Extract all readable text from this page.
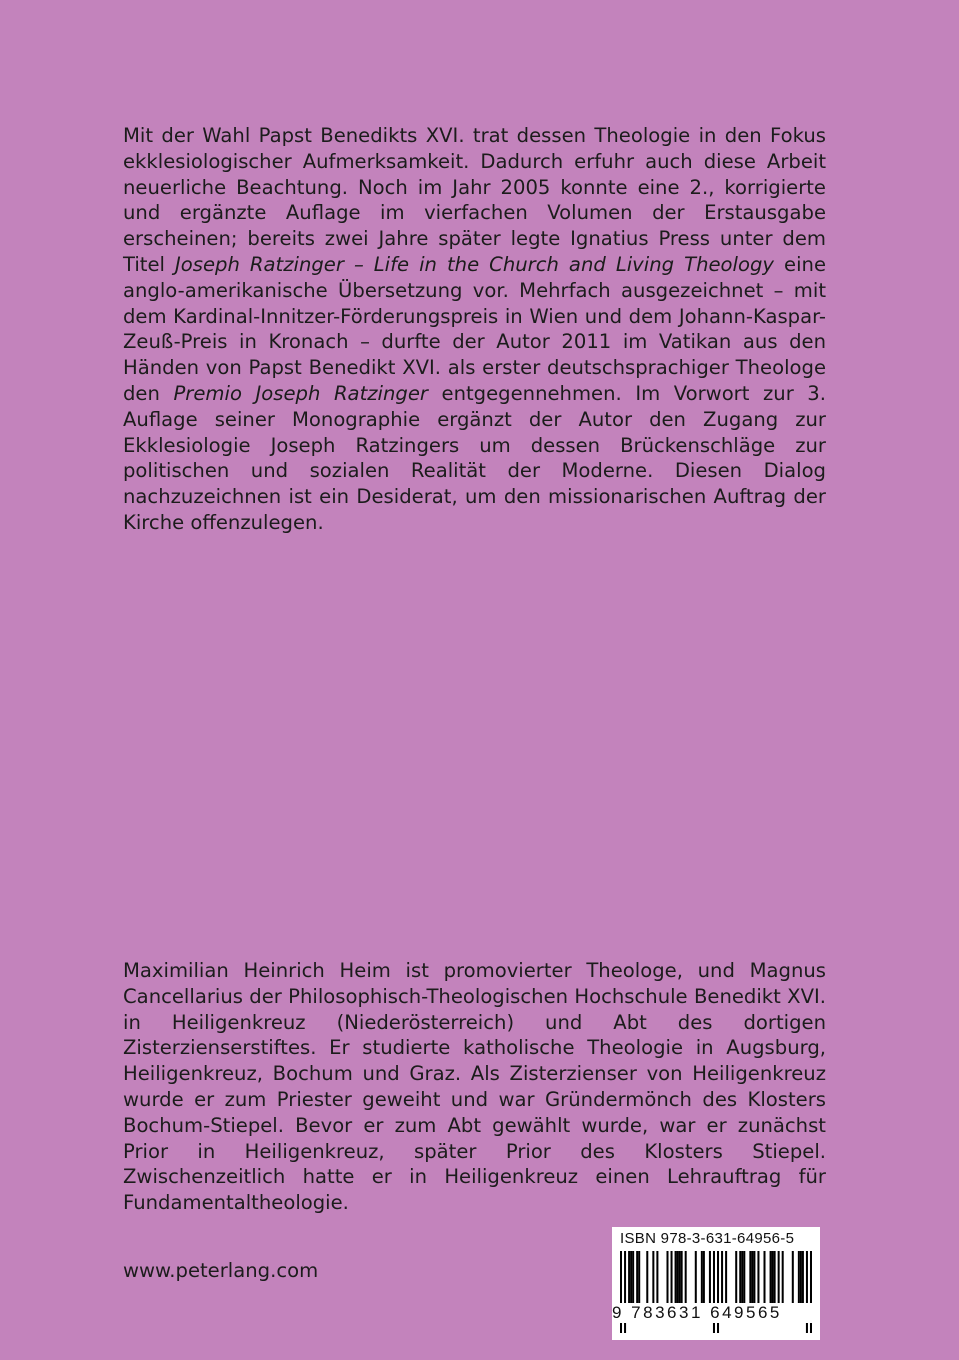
Mit der Wahl Papst Benedikts XVI. trat dessen Theologie in den Fokus ekklesiologischer Aufmerksamkeit. Dadurch erfuhr auch diese Arbeit neuerliche Beachtung. Noch im Jahr 2005 konnte eine 2., korrigierte und ergänzte Auflage im vierfachen Volumen der Erstausgabe erscheinen; bereits zwei Jahre später legte Ignatius Press unter dem Titel Joseph Ratzinger – Life in the Church and Living Theology eine anglo-amerikanische Übersetzung vor. Mehrfach ausgezeichnet – mit dem Kardinal-Innitzer-Förderungspreis in Wien und dem Johann-Kaspar-Zeuß-Preis in Kronach – durfte der Autor 2011 im Vatikan aus den Händen von Papst Benedikt XVI. als erster deutschsprachiger Theologe den Premio Joseph Ratzinger entgegennehmen. Im Vorwort zur 3. Auflage seiner Monographie ergänzt der Autor den Zugang zur Ekklesiologie Joseph Ratzingers um dessen Brückenschläge zur politischen und sozialen Realität der Moderne. Diesen Dialog nachzuzeichnen ist ein Desiderat, um den missionarischen Auftrag der Kirche offenzulegen.

Maximilian Heinrich Heim ist promovierter Theologe, und Magnus Cancellarius der Philosophisch-Theologischen Hochschule Benedikt XVI. in Heiligenkreuz (Niederösterreich) und Abt des dortigen Zisterzienserstiftes. Er studierte katholische Theologie in Augsburg, Heiligenkreuz, Bochum und Graz. Als Zisterzienser von Heiligenkreuz wurde er zum Priester geweiht und war Gründermönch des Klosters Bochum-Stiepel. Bevor er zum Abt gewählt wurde, war er zunächst Prior in Heiligenkreuz, später Prior des Klosters Stiepel. Zwischenzeitlich hatte er in Heiligenkreuz einen Lehrauftrag für Fundamentaltheologie.

www.peterlang.com
ISBN 978-3-631-64956-5
9 783631 649565
